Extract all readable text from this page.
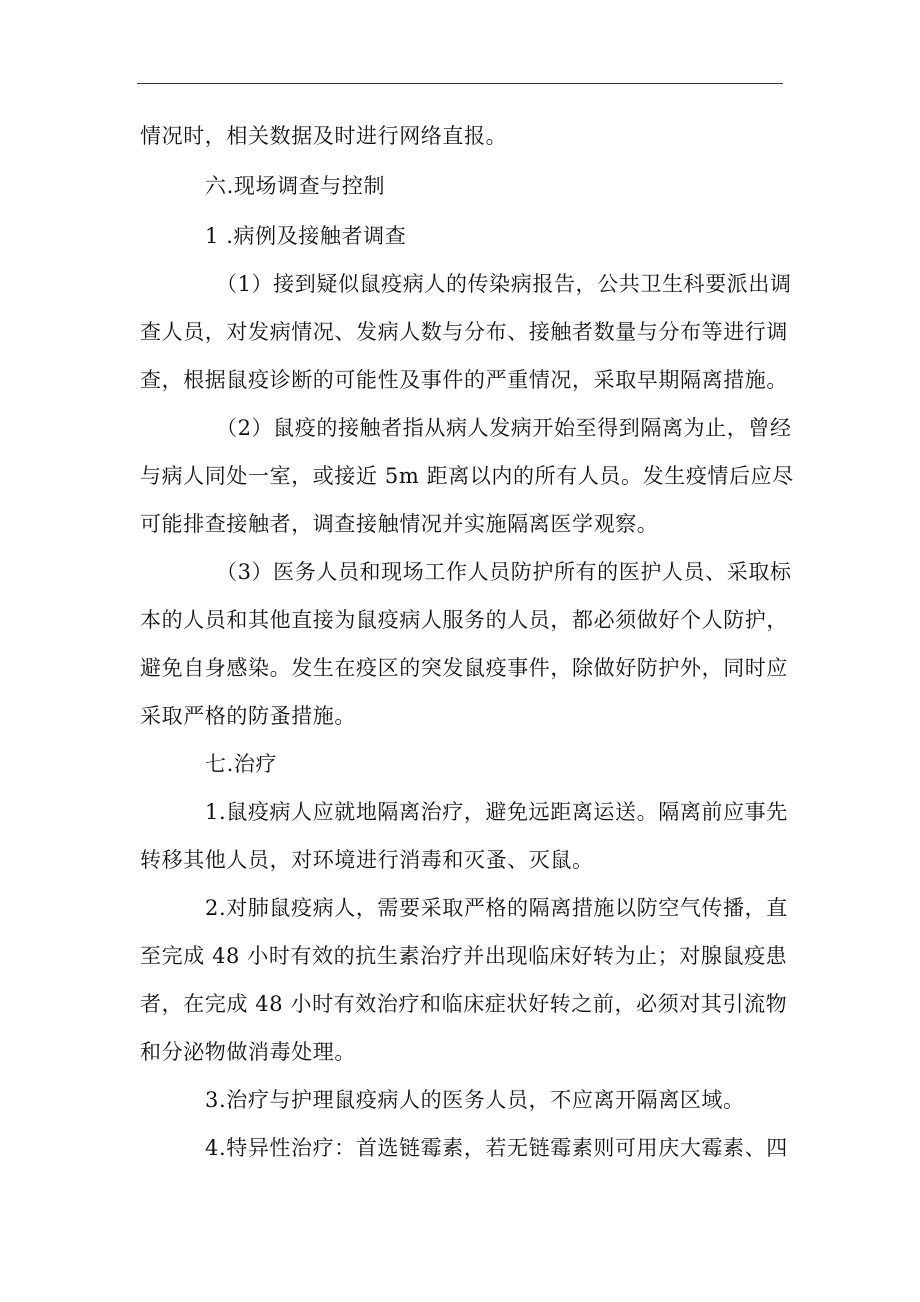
情况时，相关数据及时进行网络直报。
六.现场调查与控制
1 .病例及接触者调查
（1）接到疑似鼠疫病人的传染病报告，公共卫生科要派出调
查人员，对发病情况、发病人数与分布、接触者数量与分布等进行调
查，根据鼠疫诊断的可能性及事件的严重情况，采取早期隔离措施。
（2）鼠疫的接触者指从病人发病开始至得到隔离为止，曾经
与病人同处一室，或接近 5m 距离以内的所有人员。发生疫情后应尽
可能排查接触者，调查接触情况并实施隔离医学观察。
（3）医务人员和现场工作人员防护所有的医护人员、采取标
本的人员和其他直接为鼠疫病人服务的人员，都必须做好个人防护，
避免自身感染。发生在疫区的突发鼠疫事件，除做好防护外，同时应
采取严格的防蚤措施。
七.治疗
1.鼠疫病人应就地隔离治疗，避免远距离运送。隔离前应事先
转移其他人员，对环境进行消毒和灭蚤、灭鼠。
2.对肺鼠疫病人，需要采取严格的隔离措施以防空气传播，直
至完成 48 小时有效的抗生素治疗并出现临床好转为止；对腺鼠疫患
者，在完成 48 小时有效治疗和临床症状好转之前，必须对其引流物
和分泌物做消毒处理。
3.治疗与护理鼠疫病人的医务人员，不应离开隔离区域。
4.特异性治疗：首选链霉素，若无链霉素则可用庆大霉素、四
